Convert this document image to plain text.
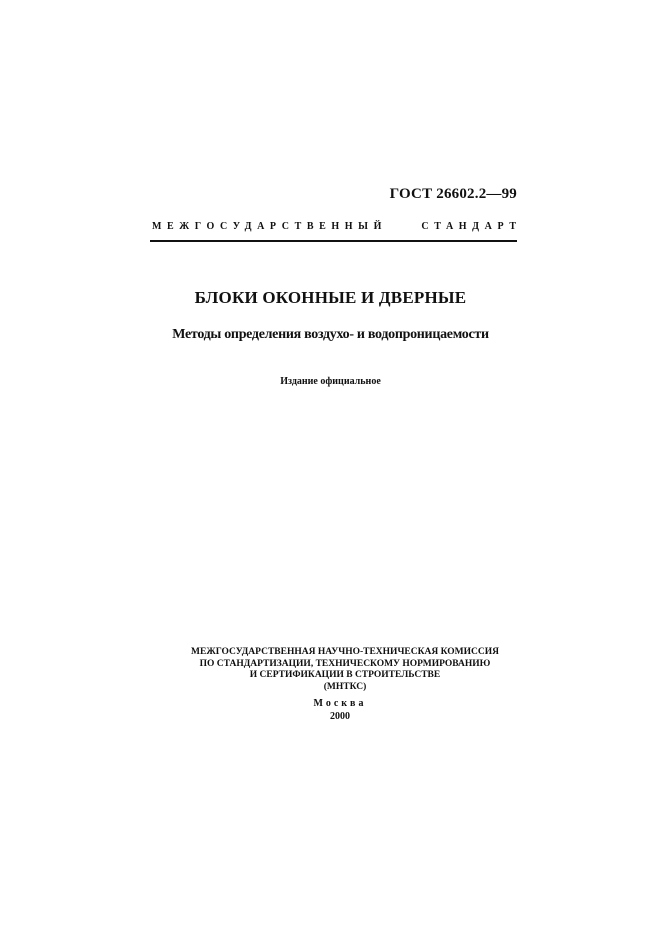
ГОСТ 26602.2—99
МЕЖГОСУДАРСТВЕННЫЙ	СТАНДАРТ
БЛОКИ ОКОННЫЕ И ДВЕРНЫЕ
Методы определения воздухо- и водопроницаемости
Издание официальное
МЕЖГОСУДАРСТВЕННАЯ НАУЧНО-ТЕХНИЧЕСКАЯ КОМИССИЯ
ПО СТАНДАРТИЗАЦИИ, ТЕХНИЧЕСКОМУ НОРМИРОВАНИЮ
И СЕРТИФИКАЦИИ В СТРОИТЕЛЬСТВЕ
(МНТКС)
Москва
2000
